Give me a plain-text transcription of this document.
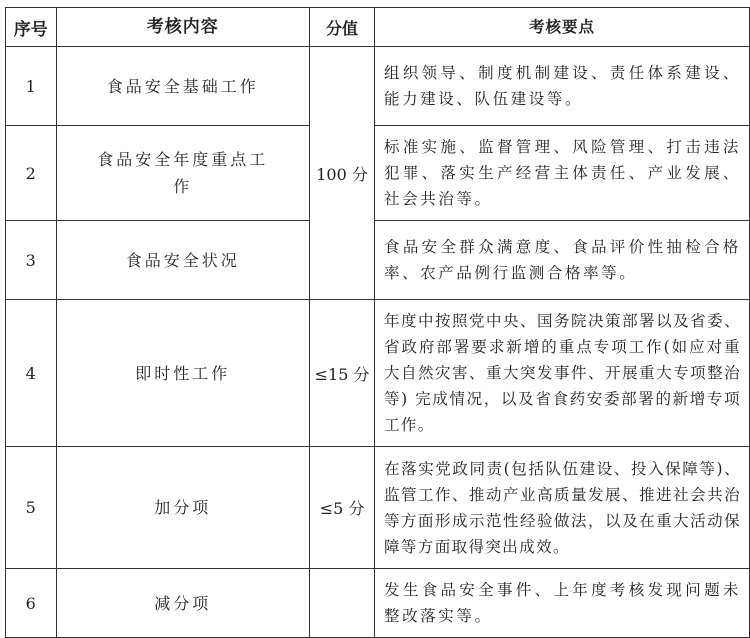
序号	考核内容	分值	考核要点
1	食品安全基础工作	100 分	组织领导、制度机制建设、责任体系建设、能力建设、队伍建设等。
2	食品安全年度重点工作		标准实施、监督管理、风险管理、打击违法犯罪、落实生产经营主体责任、产业发展、社会共治等。
3	食品安全状况		食品安全群众满意度、食品评价性抽检合格率、农产品例行监测合格率等。
4	即时性工作	≤15 分	年度中按照党中央、国务院决策部署以及省委、省政府部署要求新增的重点专项工作(如应对重大自然灾害、重大突发事件、开展重大专项整治等) 完成情况，以及省食药安委部署的新增专项工作。
5	加分项	≤5 分	在落实党政同责(包括队伍建设、投入保障等)、监管工作、推动产业高质量发展、推进社会共治等方面形成示范性经验做法，以及在重大活动保障等方面取得突出成效。
6	减分项		发生食品安全事件、上年度考核发现问题未整改落实等。
